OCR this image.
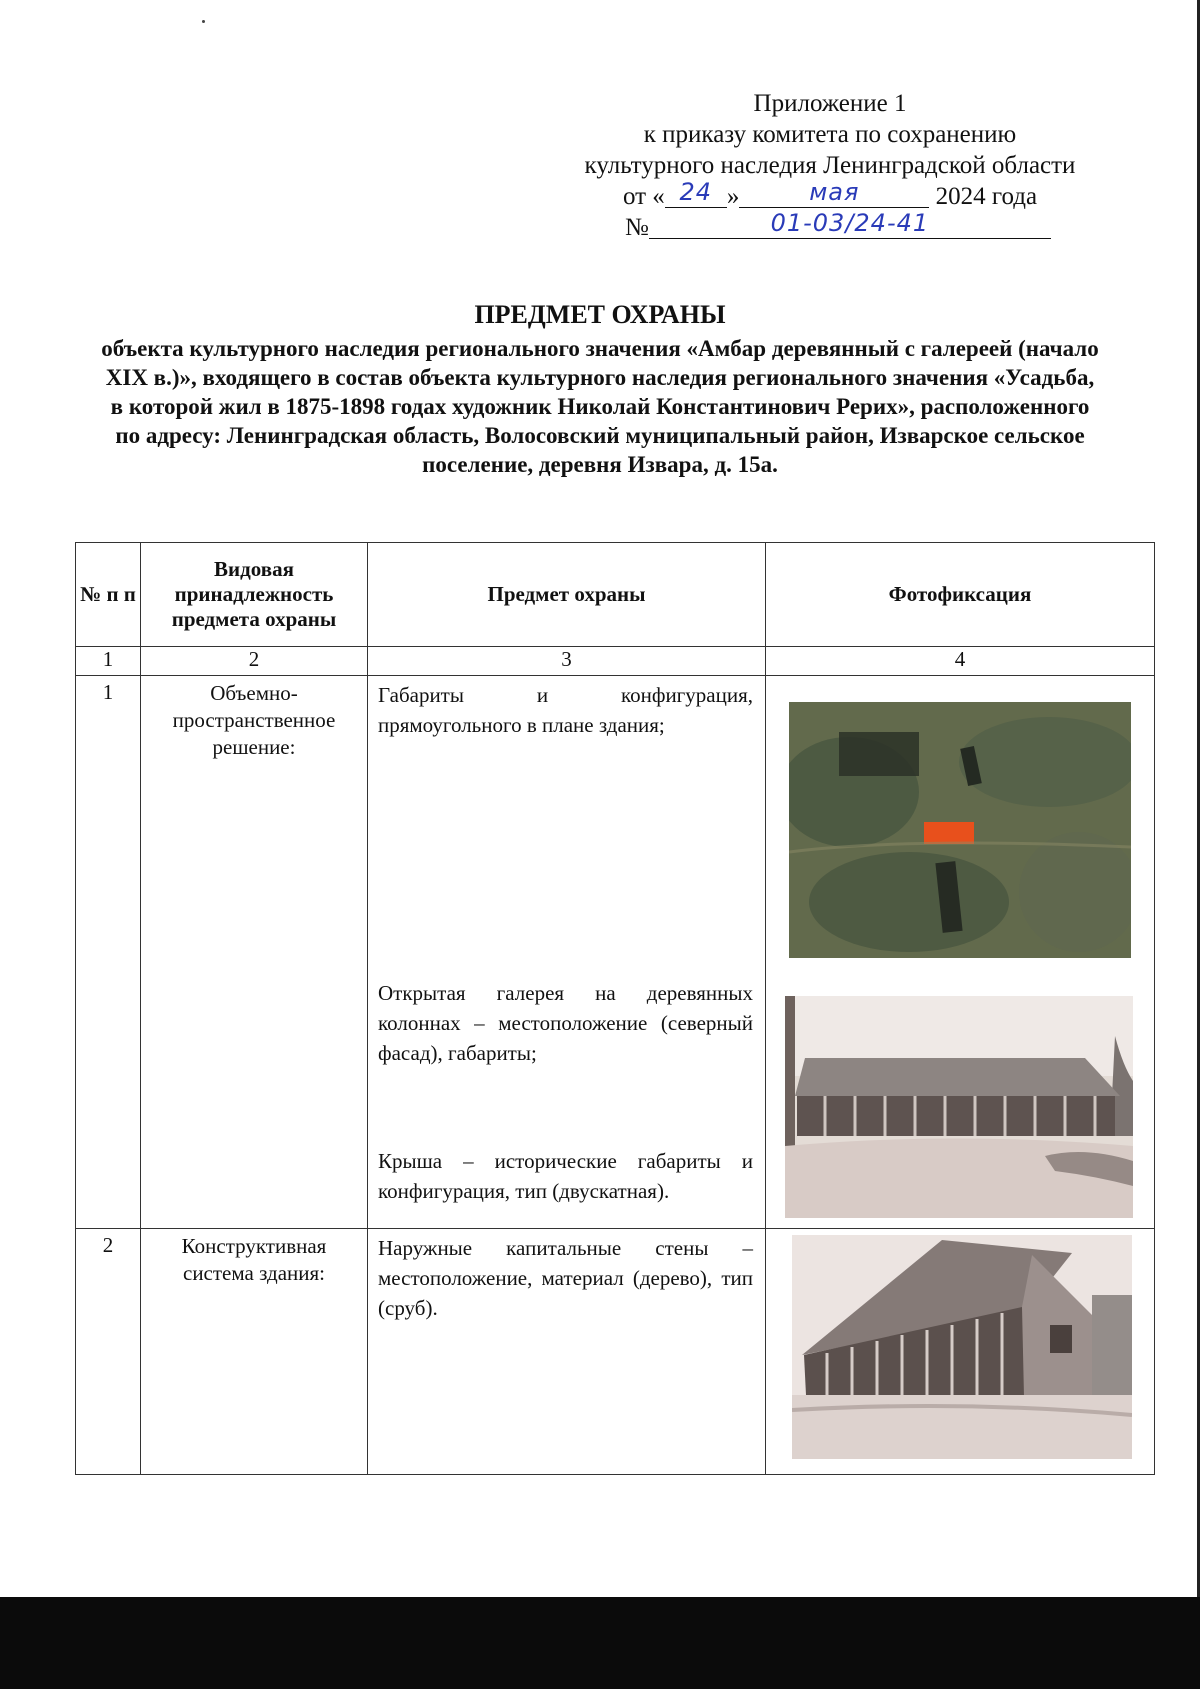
Приложение 1
к приказу комитета по сохранению
культурного наследия Ленинградской области
от « 24 »	мая	2024 года
№	01-03/24-41
ПРЕДМЕТ ОХРАНЫ
объекта культурного наследия регионального значения «Амбар деревянный с галереей (начало XIX в.)», входящего в состав объекта культурного наследия регионального значения «Усадьба, в которой жил в 1875-1898 годах художник Николай Константинович Рерих», расположенного по адресу: Ленинградская область, Волосовский муниципальный район, Изварское сельское поселение, деревня Извара, д. 15а.
№ п п	Видовая принадлежность предмета охраны	Предмет охраны	Фотофиксация
1	2	3	4
1	Объемно-пространственное решение:	Габариты и конфигурация, прямоугольного в плане здания;

Открытая галерея на деревянных колоннах – местоположение (северный фасад), габариты;

Крыша – исторические габариты и конфигурация, тип (двускатная).

2	Конструктивная система здания:	Наружные капитальные стены – местоположение, материал (дерево), тип (сруб).
